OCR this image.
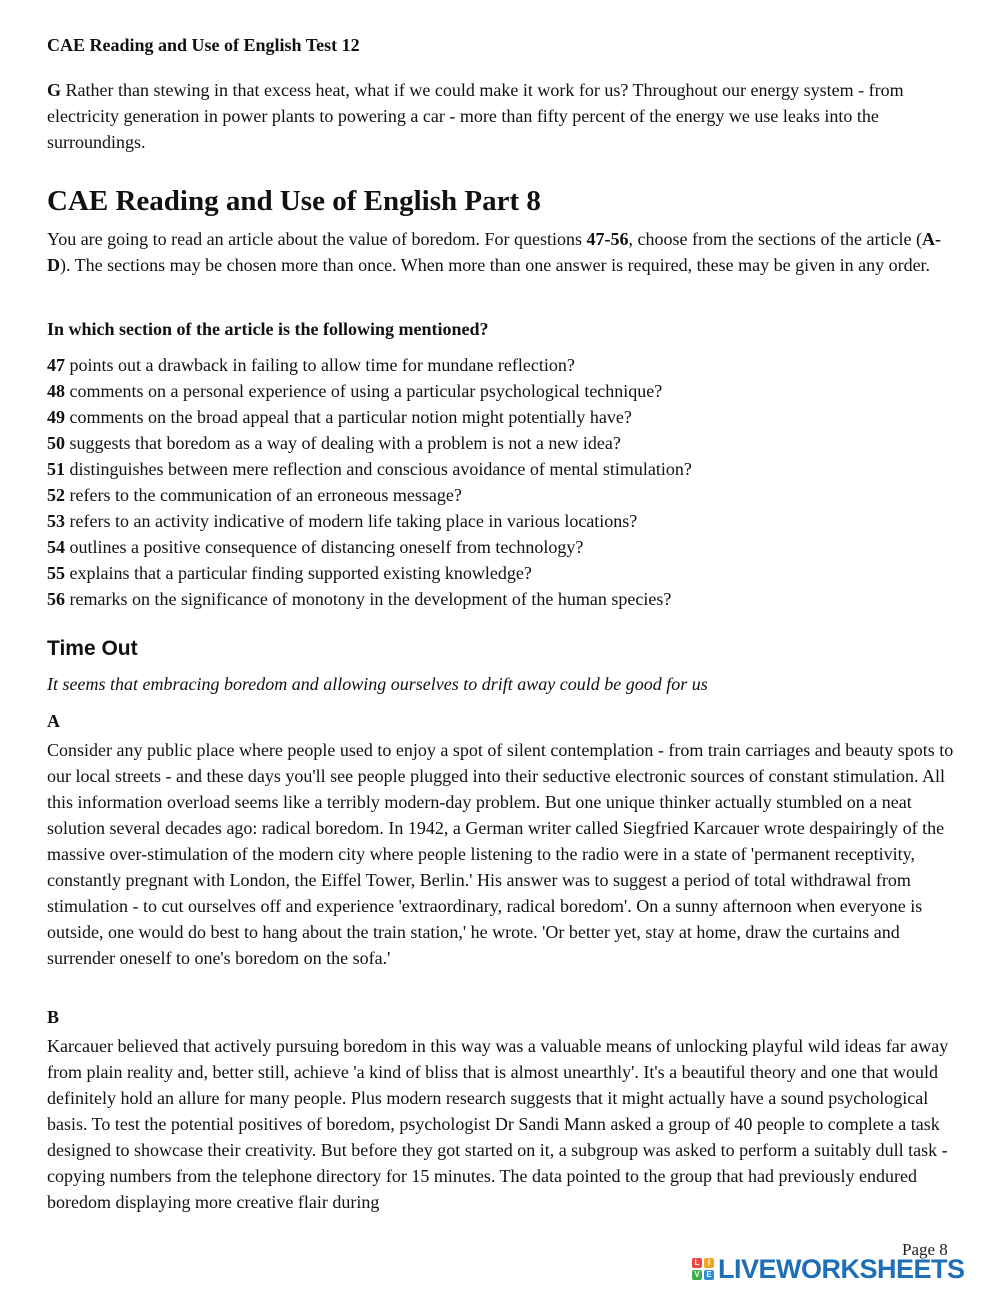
CAE Reading and Use of English Test 12
G Rather than stewing in that excess heat, what if we could make it work for us? Throughout our energy system - from electricity generation in power plants to powering a car - more than fifty percent of the energy we use leaks into the surroundings.
CAE Reading and Use of English Part 8
You are going to read an article about the value of boredom. For questions 47-56, choose from the sections of the article (A-D). The sections may be chosen more than once. When more than one answer is required, these may be given in any order.
In which section of the article is the following mentioned?
47 points out a drawback in failing to allow time for mundane reflection?
48 comments on a personal experience of using a particular psychological technique?
49 comments on the broad appeal that a particular notion might potentially have?
50 suggests that boredom as a way of dealing with a problem is not a new idea?
51 distinguishes between mere reflection and conscious avoidance of mental stimulation?
52 refers to the communication of an erroneous message?
53 refers to an activity indicative of modern life taking place in various locations?
54 outlines a positive consequence of distancing oneself from technology?
55 explains that a particular finding supported existing knowledge?
56 remarks on the significance of monotony in the development of the human species?
Time Out
It seems that embracing boredom and allowing ourselves to drift away could be good for us
A
Consider any public place where people used to enjoy a spot of silent contemplation - from train carriages and beauty spots to our local streets - and these days you'll see people plugged into their seductive electronic sources of constant stimulation. All this information overload seems like a terribly modern-day problem. But one unique thinker actually stumbled on a neat solution several decades ago: radical boredom. In 1942, a German writer called Siegfried Karcauer wrote despairingly of the massive over-stimulation of the modern city where people listening to the radio were in a state of 'permanent receptivity, constantly pregnant with London, the Eiffel Tower, Berlin.' His answer was to suggest a period of total withdrawal from stimulation - to cut ourselves off and experience 'extraordinary, radical boredom'. On a sunny afternoon when everyone is outside, one would do best to hang about the train station,' he wrote. 'Or better yet, stay at home, draw the curtains and surrender oneself to one's boredom on the sofa.'
B
Karcauer believed that actively pursuing boredom in this way was a valuable means of unlocking playful wild ideas far away from plain reality and, better still, achieve 'a kind of bliss that is almost unearthly'. It's a beautiful theory and one that would definitely hold an allure for many people. Plus modern research suggests that it might actually have a sound psychological basis. To test the potential positives of boredom, psychologist Dr Sandi Mann asked a group of 40 people to complete a task designed to showcase their creativity. But before they got started on it, a subgroup was asked to perform a suitably dull task - copying numbers from the telephone directory for 15 minutes. The data pointed to the group that had previously endured boredom displaying more creative flair during
Page 8
L	I
V E LIVEWORKSHEETS
